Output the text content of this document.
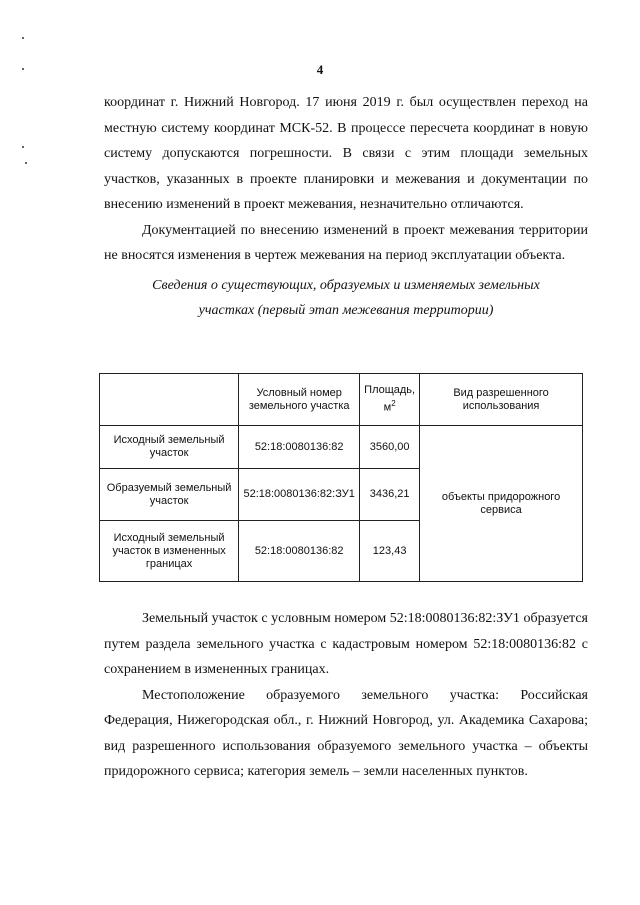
4

координат г. Нижний Новгород. 17 июня 2019 г. был осуществлен переход на местную систему координат МСК-52. В процессе пересчета координат в новую систему допускаются погрешности. В связи с этим площади земельных участков, указанных в проекте планировки и межевания и документации по внесению изменений в проект межевания, незначительно отличаются.

Документацией по внесению изменений в проект межевания территории не вносятся изменения в чертеж межевания на период эксплуатации объекта.

Сведения о существующих, образуемых и изменяемых земельных
участках (первый этап межевания территории)

	Условный номер земельного участка	Площадь, $м^2$	Вид разрешенного использования
Исходный земельный участок	52:18:0080136:82	3560,00	объекты придорожного сервиса
Образуемый земельный участок	52:18:0080136:82:ЗУ1	3436,21	
Исходный земельный участок в измененных границах	52:18:0080136:82	123,43	

Земельный участок с условным номером 52:18:0080136:82:ЗУ1 образуется путем раздела земельного участка с кадастровым номером 52:18:0080136:82 с сохранением в измененных границах.

Местоположение образуемого земельного участка: Российская Федерация, Нижегородская обл., г. Нижний Новгород, ул. Академика Сахарова; вид разрешенного использования образуемого земельного участка – объекты придорожного сервиса; категория земель – земли населенных пунктов.
